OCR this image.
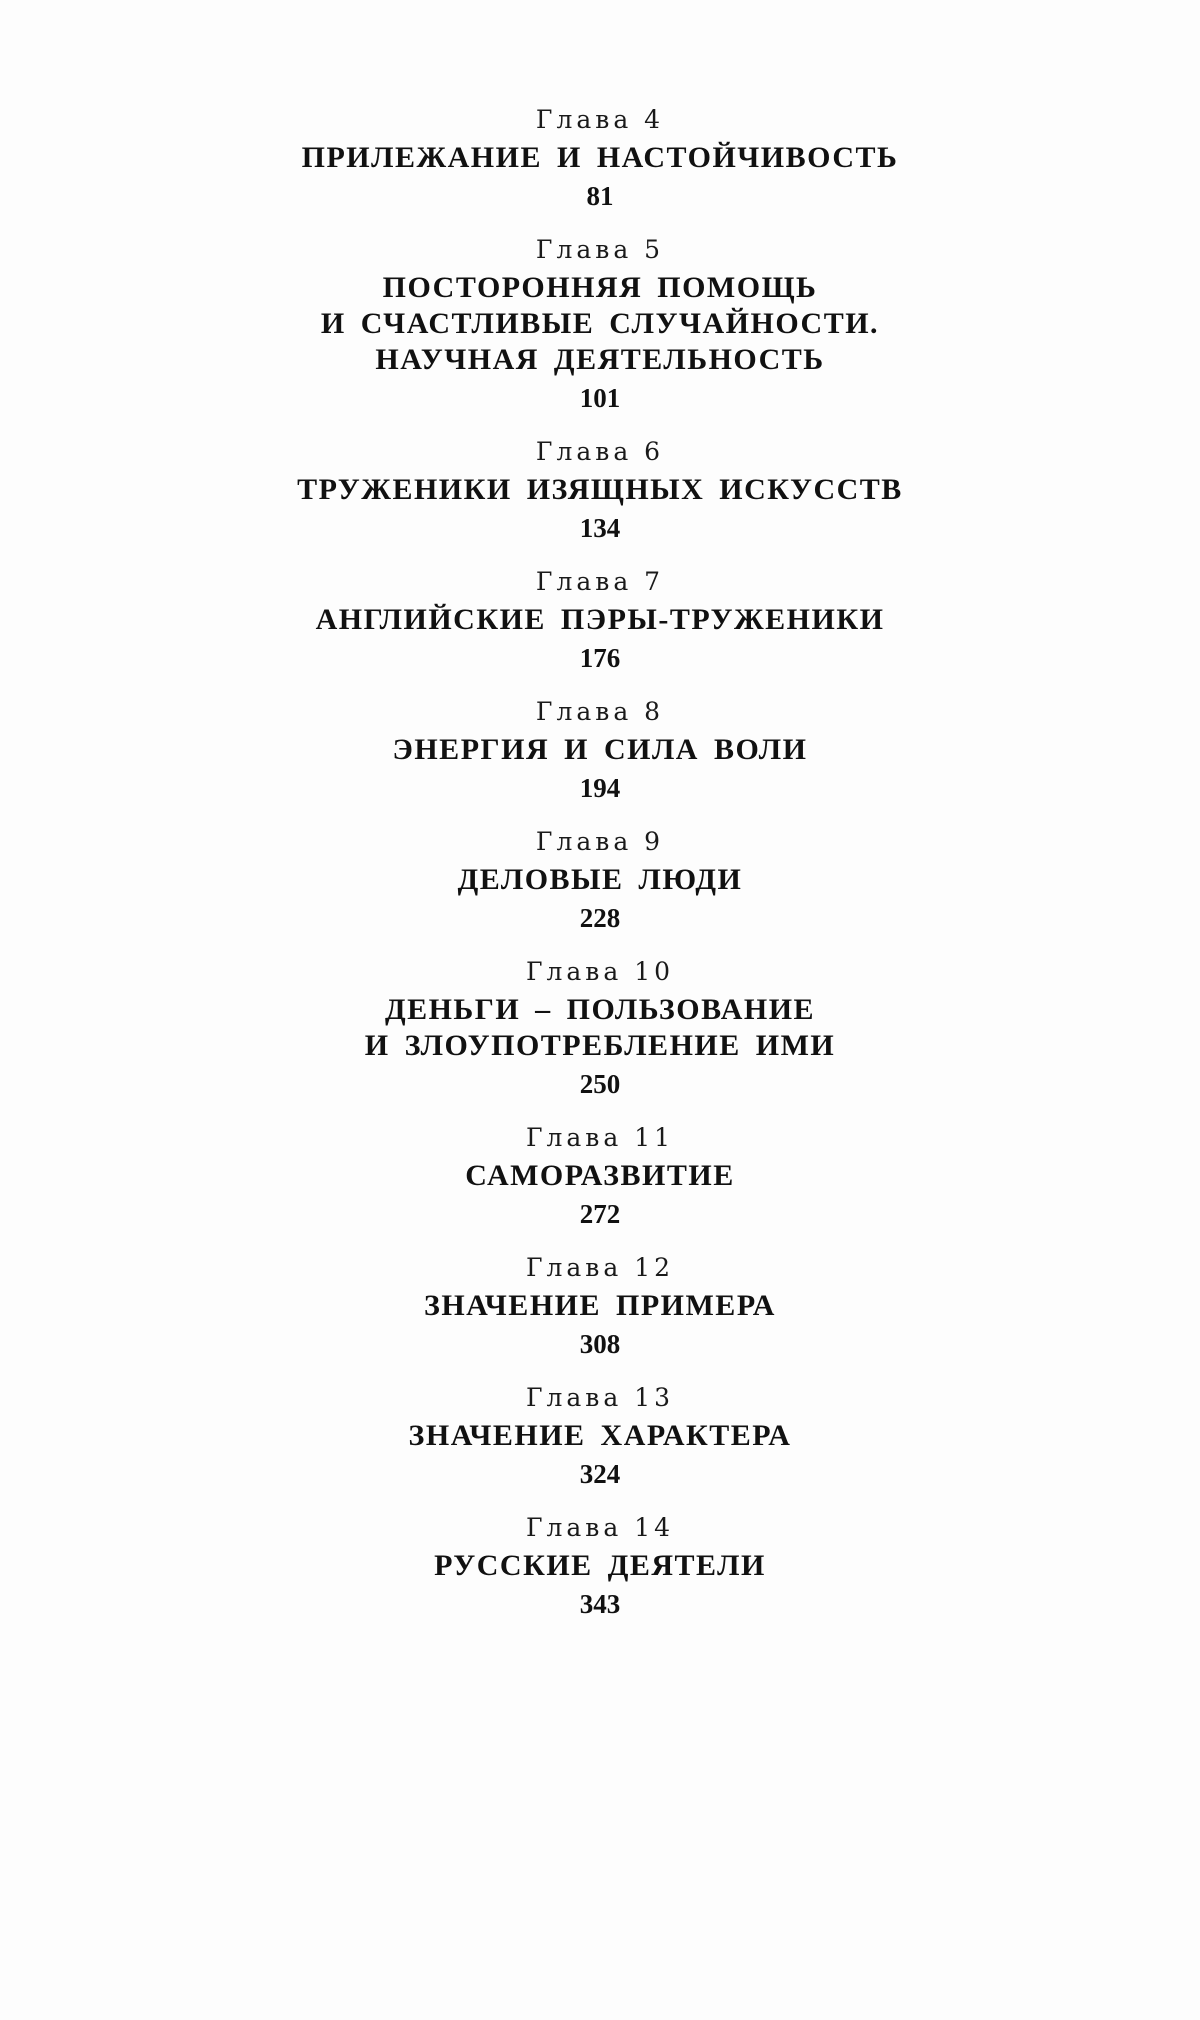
Глава 4
ПРИЛЕЖАНИЕ И НАСТОЙЧИВОСТЬ
81
Глава 5
ПОСТОРОННЯЯ ПОМОЩЬ
И СЧАСТЛИВЫЕ СЛУЧАЙНОСТИ.
НАУЧНАЯ ДЕЯТЕЛЬНОСТЬ
101
Глава 6
ТРУЖЕНИКИ ИЗЯЩНЫХ ИСКУССТВ
134
Глава 7
АНГЛИЙСКИЕ ПЭРЫ-ТРУЖЕНИКИ
176
Глава 8
ЭНЕРГИЯ И СИЛА ВОЛИ
194
Глава 9
ДЕЛОВЫЕ ЛЮДИ
228
Глава 10
ДЕНЬГИ – ПОЛЬЗОВАНИЕ
И ЗЛОУПОТРЕБЛЕНИЕ ИМИ
250
Глава 11
САМОРАЗВИТИЕ
272
Глава 12
ЗНАЧЕНИЕ ПРИМЕРА
308
Глава 13
ЗНАЧЕНИЕ ХАРАКТЕРА
324
Глава 14
РУССКИЕ ДЕЯТЕЛИ
343
